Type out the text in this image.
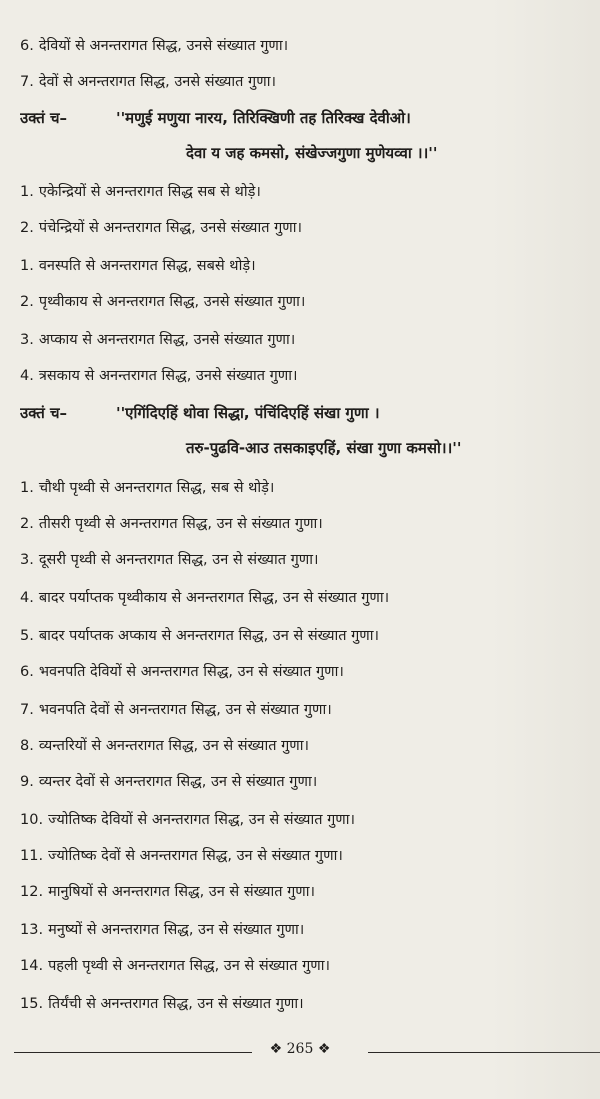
6. देवियों से अनन्तरागत सिद्ध, उनसे संख्यात गुणा।
7. देवों से अनन्तरागत सिद्ध, उनसे संख्यात गुणा।
उक्तं च–	''मणुई मणुया नारय, तिरिक्खिणी तह तिरिक्ख देवीओ।
देवा य जह कमसो, संखेज्जगुणा मुणेयव्वा ।।''
1. एकेन्द्रियों से अनन्तरागत सिद्ध सब से थोड़े।
2. पंचेन्द्रियों से अनन्तरागत सिद्ध, उनसे संख्यात गुणा।
1. वनस्पति से अनन्तरागत सिद्ध, सबसे थोड़े।
2. पृथ्वीकाय से अनन्तरागत सिद्ध, उनसे संख्यात गुणा।
3. अप्काय से अनन्तरागत सिद्ध, उनसे संख्यात गुणा।
4. त्रसकाय से अनन्तरागत सिद्ध, उनसे संख्यात गुणा।
उक्तं च–	''एगिंदिएहिं थोवा सिद्धा, पंचिंदिएहिं संखा गुणा ।
तरु-पुढवि-आउ तसकाइएहिं, संखा गुणा कमसो।।''
1. चौथी पृथ्वी से अनन्तरागत सिद्ध, सब से थोड़े।
2. तीसरी पृथ्वी से अनन्तरागत सिद्ध, उन से संख्यात गुणा।
3. दूसरी पृथ्वी से अनन्तरागत सिद्ध, उन से संख्यात गुणा।
4. बादर पर्याप्तक पृथ्वीकाय से अनन्तरागत सिद्ध, उन से संख्यात गुणा।
5. बादर पर्याप्तक अप्काय से अनन्तरागत सिद्ध, उन से संख्यात गुणा।
6. भवनपति देवियों से अनन्तरागत सिद्ध, उन से संख्यात गुणा।
7. भवनपति देवों से अनन्तरागत सिद्ध, उन से संख्यात गुणा।
8. व्यन्तरियों से अनन्तरागत सिद्ध, उन से संख्यात गुणा।
9. व्यन्तर देवों से अनन्तरागत सिद्ध, उन से संख्यात गुणा।
10. ज्योतिष्क देवियों से अनन्तरागत सिद्ध, उन से संख्यात गुणा।
11. ज्योतिष्क देवों से अनन्तरागत सिद्ध, उन से संख्यात गुणा।
12. मानुषियों से अनन्तरागत सिद्ध, उन से संख्यात गुणा।
13. मनुष्यों से अनन्तरागत सिद्ध, उन से संख्यात गुणा।
14. पहली पृथ्वी से अनन्तरागत सिद्ध, उन से संख्यात गुणा।
15. तिर्यंची से अनन्तरागत सिद्ध, उन से संख्यात गुणा।
❖ 265 ❖
